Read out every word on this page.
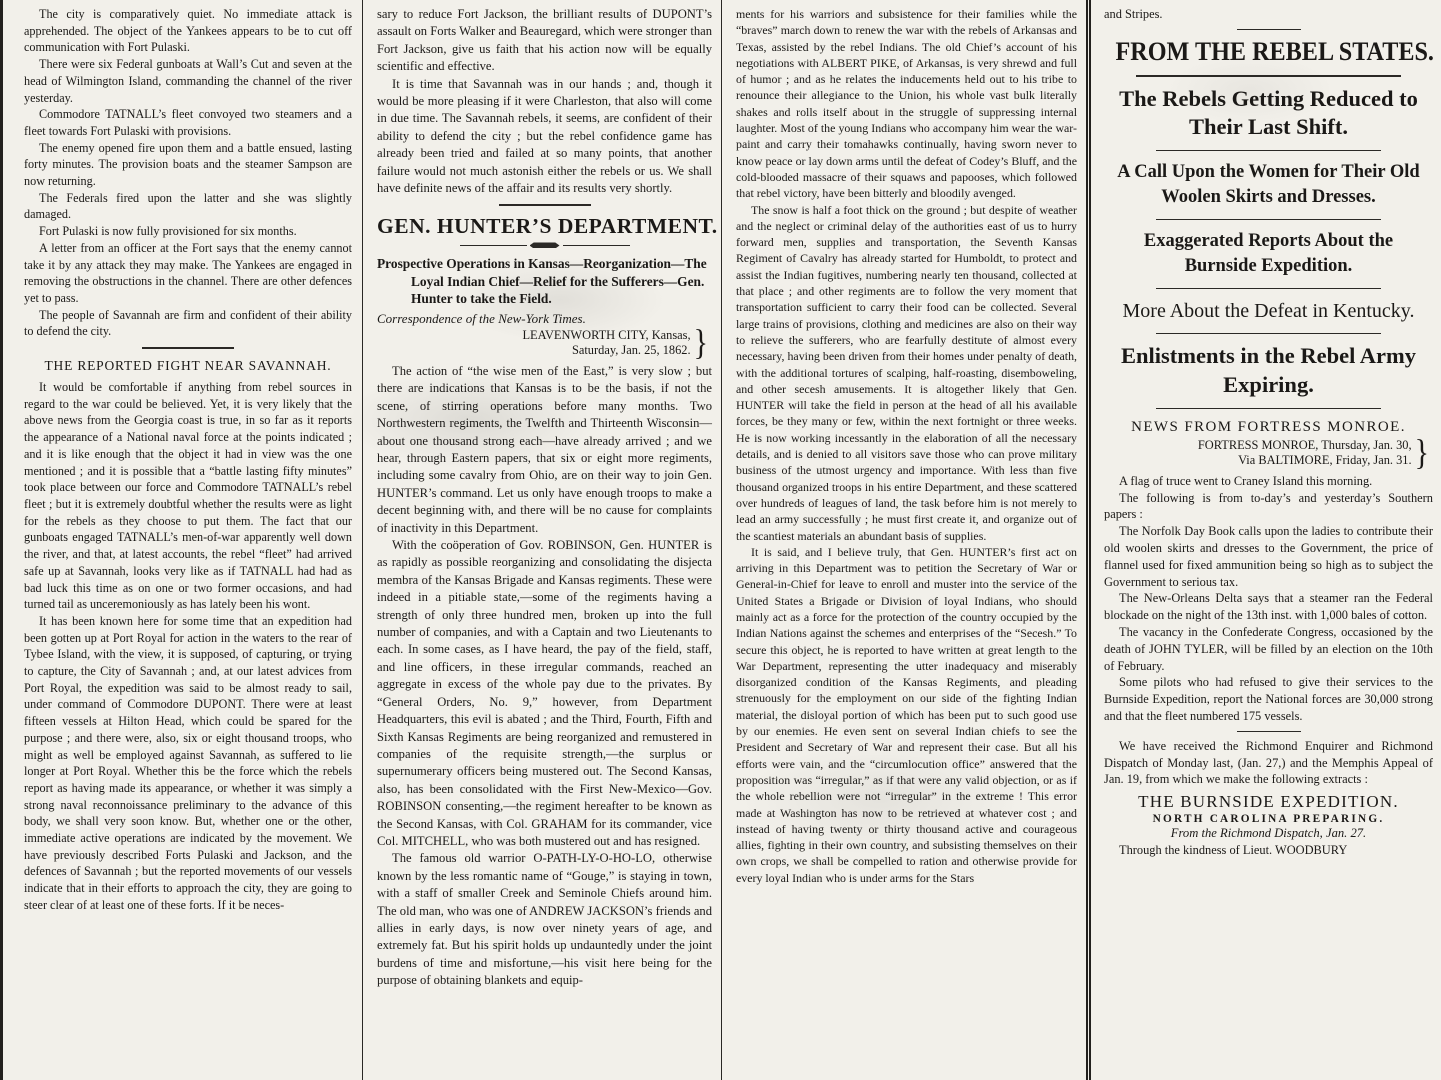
The city is comparatively quiet. No immediate attack is apprehended. The object of the Yankees appears to be to cut off communication with Fort Pulaski.

There were six Federal gunboats at Wall’s Cut and seven at the head of Wilmington Island, commanding the channel of the river yesterday.

Commodore TATNALL’s fleet convoyed two steamers and a fleet towards Fort Pulaski with provisions.

The enemy opened fire upon them and a battle ensued, lasting forty minutes. The provision boats and the steamer Sampson are now returning.

The Federals fired upon the latter and she was slightly damaged.

Fort Pulaski is now fully provisioned for six months.

A letter from an officer at the Fort says that the enemy cannot take it by any attack they may make. The Yankees are engaged in removing the obstructions in the channel. There are other defences yet to pass.

The people of Savannah are firm and confident of their ability to defend the city.

THE REPORTED FIGHT NEAR SAVANNAH.

It would be comfortable if anything from rebel sources in regard to the war could be believed. Yet, it is very likely that the above news from the Georgia coast is true, in so far as it reports the appearance of a National naval force at the points indicated ; and it is like enough that the object it had in view was the one mentioned ; and it is possible that a “battle lasting fifty minutes” took place between our force and Commodore TATNALL’s rebel fleet ; but it is extremely doubtful whether the results were as light for the rebels as they choose to put them. The fact that our gunboats engaged TATNALL’s men-of-war apparently well down the river, and that, at latest accounts, the rebel “fleet” had arrived safe up at Savannah, looks very like as if TATNALL had had as bad luck this time as on one or two former occasions, and had turned tail as unceremoniously as has lately been his wont.

It has been known here for some time that an expedition had been gotten up at Port Royal for action in the waters to the rear of Tybee Island, with the view, it is supposed, of capturing, or trying to capture, the City of Savannah ; and, at our latest advices from Port Royal, the expedition was said to be almost ready to sail, under command of Commodore DUPONT. There were at least fifteen vessels at Hilton Head, which could be spared for the purpose ; and there were, also, six or eight thousand troops, who might as well be employed against Savannah, as suffered to lie longer at Port Royal. Whether this be the force which the rebels report as having made its appearance, or whether it was simply a strong naval reconnoissance preliminary to the advance of this body, we shall very soon know. But, whether one or the other, immediate active operations are indicated by the movement. We have previously described Forts Pulaski and Jackson, and the defences of Savannah ; but the reported movements of our vessels indicate that in their efforts to approach the city, they are going to steer clear of at least one of these forts. If it be neces-

sary to reduce Fort Jackson, the brilliant results of DUPONT’s assault on Forts Walker and Beauregard, which were stronger than Fort Jackson, give us faith that his action now will be equally scientific and effective.

It is time that Savannah was in our hands ; and, though it would be more pleasing if it were Charleston, that also will come in due time. The Savannah rebels, it seems, are confident of their ability to defend the city ; but the rebel confidence game has already been tried and failed at so many points, that another failure would not much astonish either the rebels or us. We shall have definite news of the affair and its results very shortly.

GEN. HUNTER’S DEPARTMENT.
Prospective Operations in Kansas—Reorganization—The Loyal Indian Chief—Relief for the Sufferers—Gen. Hunter to take the Field.
Correspondence of the New-York Times.
LEAVENWORTH CITY, Kansas,
Saturday, Jan. 25, 1862. }

The action of “the wise men of the East,” is very slow ; but there are indications that Kansas is to be the basis, if not the scene, of stirring operations before many months. Two Northwestern regiments, the Twelfth and Thirteenth Wisconsin—about one thousand strong each—have already arrived ; and we hear, through Eastern papers, that six or eight more regiments, including some cavalry from Ohio, are on their way to join Gen. HUNTER’s command. Let us only have enough troops to make a decent beginning with, and there will be no cause for complaints of inactivity in this Department.

With the coöperation of Gov. ROBINSON, Gen. HUNTER is as rapidly as possible reorganizing and consolidating the disjecta membra of the Kansas Brigade and Kansas regiments. These were indeed in a pitiable state,—some of the regiments having a strength of only three hundred men, broken up into the full number of companies, and with a Captain and two Lieutenants to each. In some cases, as I have heard, the pay of the field, staff, and line officers, in these irregular commands, reached an aggregate in excess of the whole pay due to the privates. By “General Orders, No. 9,” however, from Department Headquarters, this evil is abated ; and the Third, Fourth, Fifth and Sixth Kansas Regiments are being reorganized and remustered in companies of the requisite strength,—the surplus or supernumerary officers being mustered out. The Second Kansas, also, has been consolidated with the First New-Mexico—Gov. ROBINSON consenting,—the regiment hereafter to be known as the Second Kansas, with Col. GRAHAM for its commander, vice Col. MITCHELL, who was both mustered out and has resigned.

The famous old warrior O-PATH-LY-O-HO-LO, otherwise known by the less romantic name of “Gouge,” is staying in town, with a staff of smaller Creek and Seminole Chiefs around him. The old man, who was one of ANDREW JACKSON’s friends and allies in early days, is now over ninety years of age, and extremely fat. But his spirit holds up undauntedly under the joint burdens of time and misfortune,—his visit here being for the purpose of obtaining blankets and equip-

ments for his warriors and subsistence for their families while the “braves” march down to renew the war with the rebels of Arkansas and Texas, assisted by the rebel Indians. The old Chief’s account of his negotiations with ALBERT PIKE, of Arkansas, is very shrewd and full of humor ; and as he relates the inducements held out to his tribe to renounce their allegiance to the Union, his whole vast bulk literally shakes and rolls itself about in the struggle of suppressing internal laughter. Most of the young Indians who accompany him wear the war-paint and carry their tomahawks continually, having sworn never to know peace or lay down arms until the defeat of Codey’s Bluff, and the cold-blooded massacre of their squaws and papooses, which followed that rebel victory, have been bitterly and bloodily avenged.

The snow is half a foot thick on the ground ; but despite of weather and the neglect or criminal delay of the authorities east of us to hurry forward men, supplies and transportation, the Seventh Kansas Regiment of Cavalry has already started for Humboldt, to protect and assist the Indian fugitives, numbering nearly ten thousand, collected at that place ; and other regiments are to follow the very moment that transportation sufficient to carry their food can be collected. Several large trains of provisions, clothing and medicines are also on their way to relieve the sufferers, who are fearfully destitute of almost every necessary, having been driven from their homes under penalty of death, with the additional tortures of scalping, half-roasting, disemboweling, and other secesh amusements. It is altogether likely that Gen. HUNTER will take the field in person at the head of all his available forces, be they many or few, within the next fortnight or three weeks. He is now working incessantly in the elaboration of all the necessary details, and is denied to all visitors save those who can prove military business of the utmost urgency and importance. With less than five thousand organized troops in his entire Department, and these scattered over hundreds of leagues of land, the task before him is not merely to lead an army successfully ; he must first create it, and organize out of the scantiest materials an abundant basis of supplies.

It is said, and I believe truly, that Gen. HUNTER’s first act on arriving in this Department was to petition the Secretary of War or General-in-Chief for leave to enroll and muster into the service of the United States a Brigade or Division of loyal Indians, who should mainly act as a force for the protection of the country occupied by the Indian Nations against the schemes and enterprises of the “Secesh.” To secure this object, he is reported to have written at great length to the War Department, representing the utter inadequacy and miserably disorganized condition of the Kansas Regiments, and pleading strenuously for the employment on our side of the fighting Indian material, the disloyal portion of which has been put to such good use by our enemies. He even sent on several Indian chiefs to see the President and Secretary of War and represent their case. But all his efforts were vain, and the “circumlocution office” answered that the proposition was “irregular,” as if that were any valid objection, or as if the whole rebellion were not “irregular” in the extreme ! This error made at Washington has now to be retrieved at whatever cost ; and instead of having twenty or thirty thousand active and courageous allies, fighting in their own country, and subsisting themselves on their own crops, we shall be compelled to ration and otherwise provide for every loyal Indian who is under arms for the Stars

and Stripes.

FROM THE REBEL STATES.
The Rebels Getting Reduced to Their Last Shift.
A Call Upon the Women for Their Old Woolen Skirts and Dresses.
Exaggerated Reports About the Burnside Expedition.
More About the Defeat in Kentucky.
Enlistments in the Rebel Army Expiring.
NEWS FROM FORTRESS MONROE.
FORTRESS MONROE, Thursday, Jan. 30,
Via BALTIMORE, Friday, Jan. 31. }

A flag of truce went to Craney Island this morning.

The following is from to-day’s and yesterday’s Southern papers :

The Norfolk Day Book calls upon the ladies to contribute their old woolen skirts and dresses to the Government, the price of flannel used for fixed ammunition being so high as to subject the Government to serious tax.

The New-Orleans Delta says that a steamer ran the Federal blockade on the night of the 13th inst. with 1,000 bales of cotton.

The vacancy in the Confederate Congress, occasioned by the death of JOHN TYLER, will be filled by an election on the 10th of February.

Some pilots who had refused to give their services to the Burnside Expedition, report the National forces are 30,000 strong and that the fleet numbered 175 vessels.

We have received the Richmond Enquirer and Richmond Dispatch of Monday last, (Jan. 27,) and the Memphis Appeal of Jan. 19, from which we make the following extracts :

THE BURNSIDE EXPEDITION.
NORTH CAROLINA PREPARING.
From the Richmond Dispatch, Jan. 27.

Through the kindness of Lieut. WOODBURY
